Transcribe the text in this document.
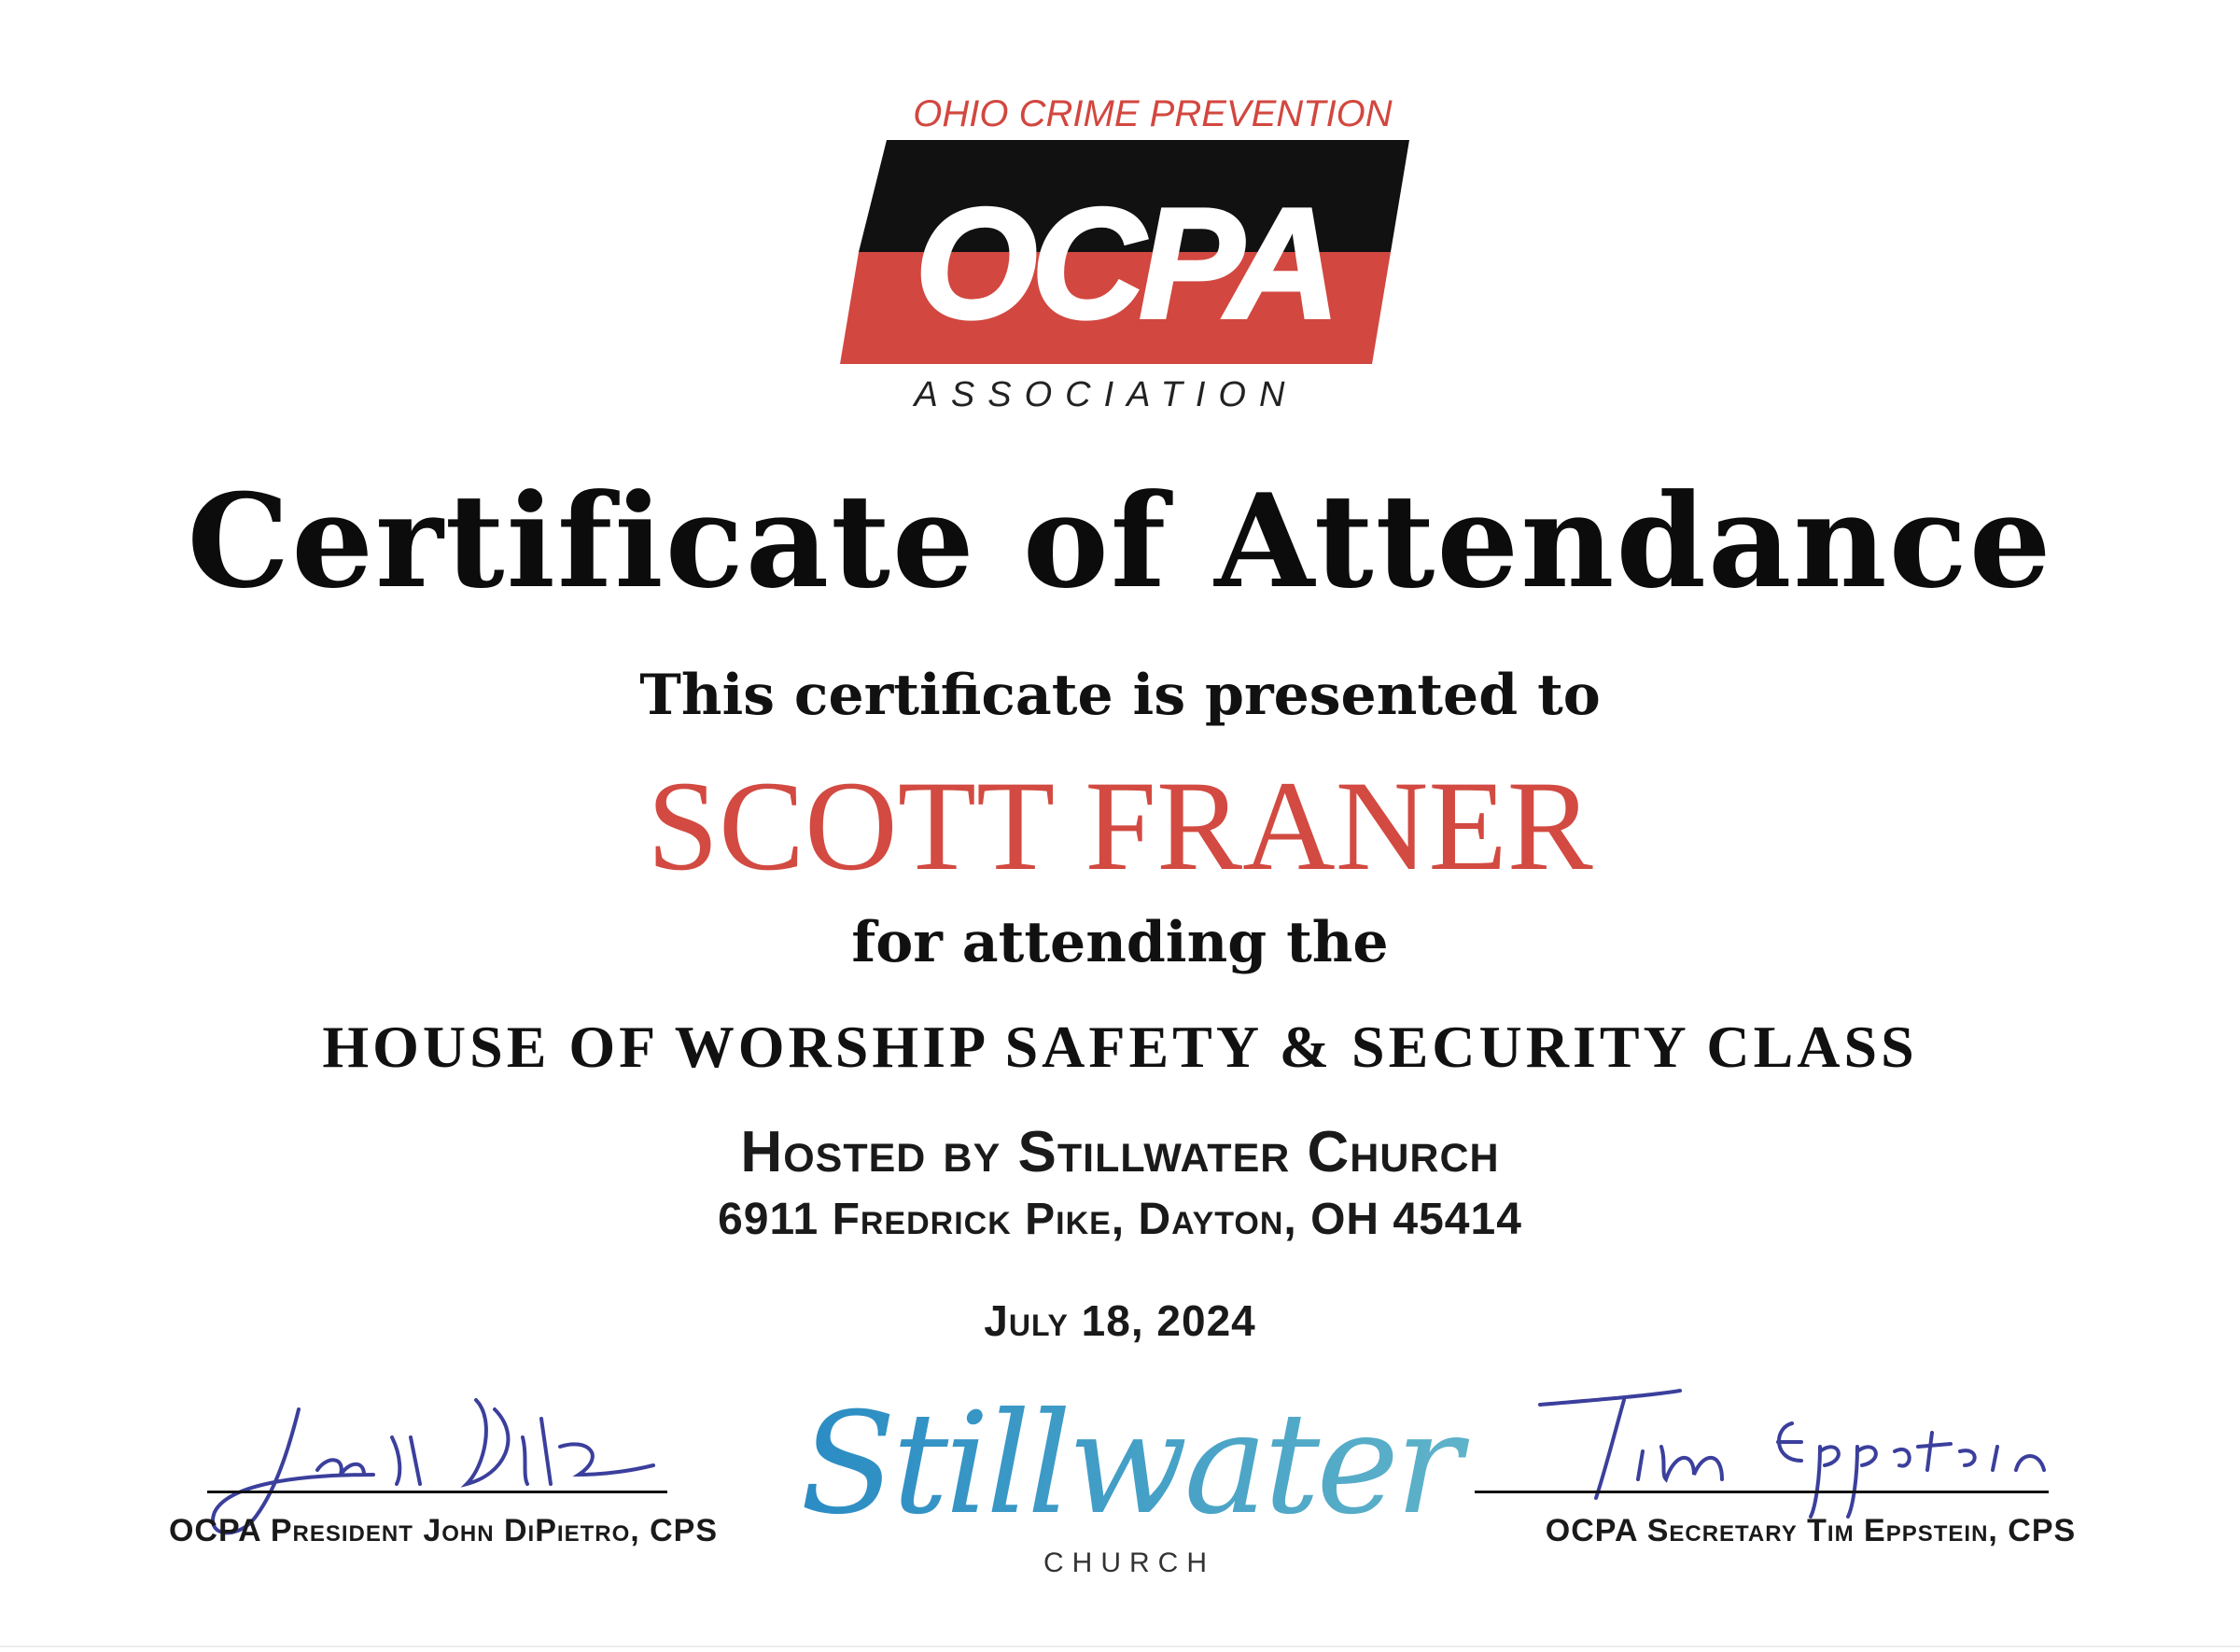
OHIO CRIME PREVENTION
OCPA
ASSOCIATION
Certificate of Attendance
This certificate is presented to
SCOTT FRANER
for attending the
HOUSE OF WORSHIP SAFETY & SECURITY CLASS
Hosted by Stillwater Church
6911 Fredrick Pike, Dayton, OH 45414
July 18, 2024
OCPA President John DiPietro, CPS Stillwater
CHURCH
OCPA Secretary Tim Eppstein, CPS
